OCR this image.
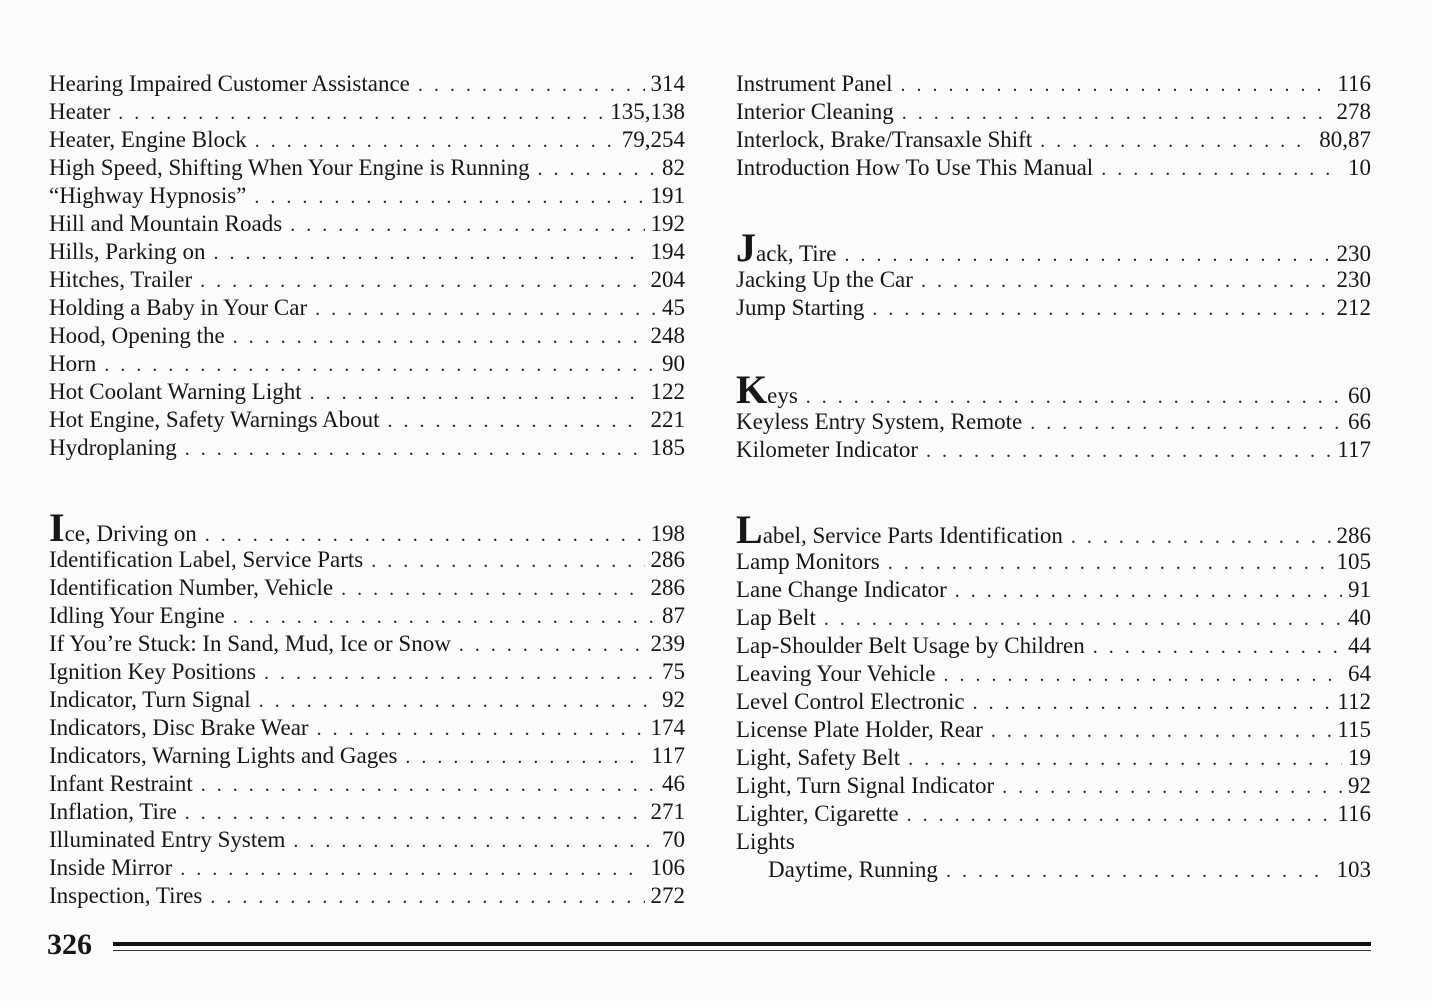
Hearing Impaired Customer Assistance . . .	314
Heater . . .	135,138
Heater, Engine Block . . .	79,254
High Speed, Shifting When Your Engine is Running . . .	82
“Highway Hypnosis” . . .	191
Hill and Mountain Roads . . .	192
Hills, Parking on . . .	194
Hitches, Trailer . . .	204
Holding a Baby in Your Car . . .	45
Hood, Opening the . . .	248
Horn . . .	90
Hot Coolant Warning Light . . .	122
Hot Engine, Safety Warnings About . . .	221
Hydroplaning . . .	185
Ice, Driving on . . .	198
Identification Label, Service Parts . . .	286
Identification Number, Vehicle . . .	286
Idling Your Engine . . .	87
If You’re Stuck: In Sand, Mud, Ice or Snow . . .	239
Ignition Key Positions . . .	75
Indicator, Turn Signal . . .	92
Indicators, Disc Brake Wear . . .	174
Indicators, Warning Lights and Gages . . .	117
Infant Restraint . . .	46
Inflation, Tire . . .	271
Illuminated Entry System . . .	70
Inside Mirror . . .	106
Inspection, Tires . . .	272
Instrument Panel . . .	116
Interior Cleaning . . .	278
Interlock, Brake/Transaxle Shift . . .	80,87
Introduction How To Use This Manual . . .	10
Jack, Tire . . .	230
Jacking Up the Car . . .	230
Jump Starting . . .	212
Keys . . .	60
Keyless Entry System, Remote . . .	66
Kilometer Indicator . . .	117
Label, Service Parts Identification . . .	286
Lamp Monitors . . .	105
Lane Change Indicator . . .	91
Lap Belt . . .	40
Lap-Shoulder Belt Usage by Children . . .	44
Leaving Your Vehicle . . .	64
Level Control Electronic . . .	112
License Plate Holder, Rear . . .	115
Light, Safety Belt . . .	19
Light, Turn Signal Indicator . . .	92
Lighter, Cigarette . . .	116
Lights
Daytime, Running . . .	103
326
